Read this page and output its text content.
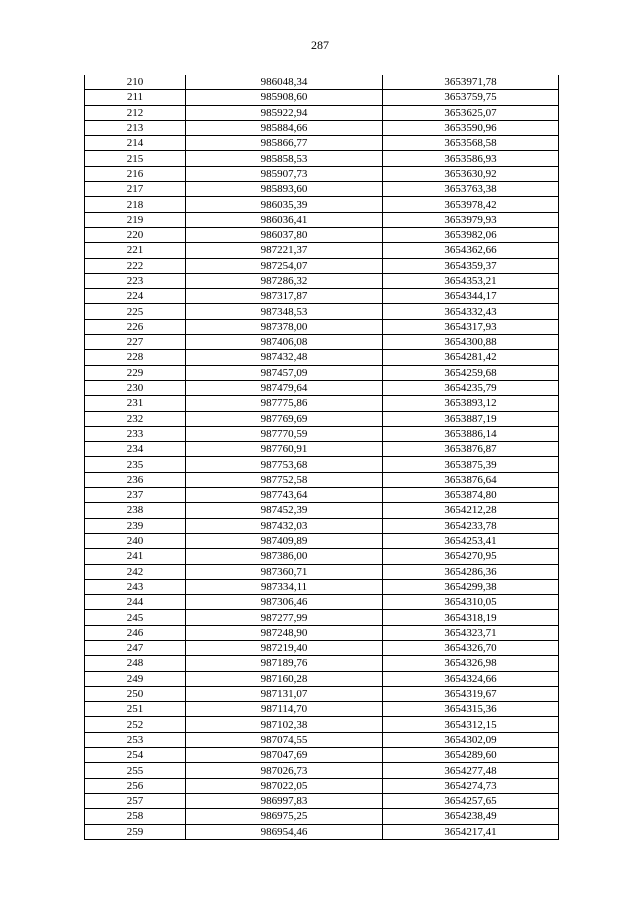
287
210	986048,34	3653971,78
211	985908,60	3653759,75
212	985922,94	3653625,07
213	985884,66	3653590,96
214	985866,77	3653568,58
215	985858,53	3653586,93
216	985907,73	3653630,92
217	985893,60	3653763,38
218	986035,39	3653978,42
219	986036,41	3653979,93
220	986037,80	3653982,06
221	987221,37	3654362,66
222	987254,07	3654359,37
223	987286,32	3654353,21
224	987317,87	3654344,17
225	987348,53	3654332,43
226	987378,00	3654317,93
227	987406,08	3654300,88
228	987432,48	3654281,42
229	987457,09	3654259,68
230	987479,64	3654235,79
231	987775,86	3653893,12
232	987769,69	3653887,19
233	987770,59	3653886,14
234	987760,91	3653876,87
235	987753,68	3653875,39
236	987752,58	3653876,64
237	987743,64	3653874,80
238	987452,39	3654212,28
239	987432,03	3654233,78
240	987409,89	3654253,41
241	987386,00	3654270,95
242	987360,71	3654286,36
243	987334,11	3654299,38
244	987306,46	3654310,05
245	987277,99	3654318,19
246	987248,90	3654323,71
247	987219,40	3654326,70
248	987189,76	3654326,98
249	987160,28	3654324,66
250	987131,07	3654319,67
251	987114,70	3654315,36
252	987102,38	3654312,15
253	987074,55	3654302,09
254	987047,69	3654289,60
255	987026,73	3654277,48
256	987022,05	3654274,73
257	986997,83	3654257,65
258	986975,25	3654238,49
259	986954,46	3654217,41
